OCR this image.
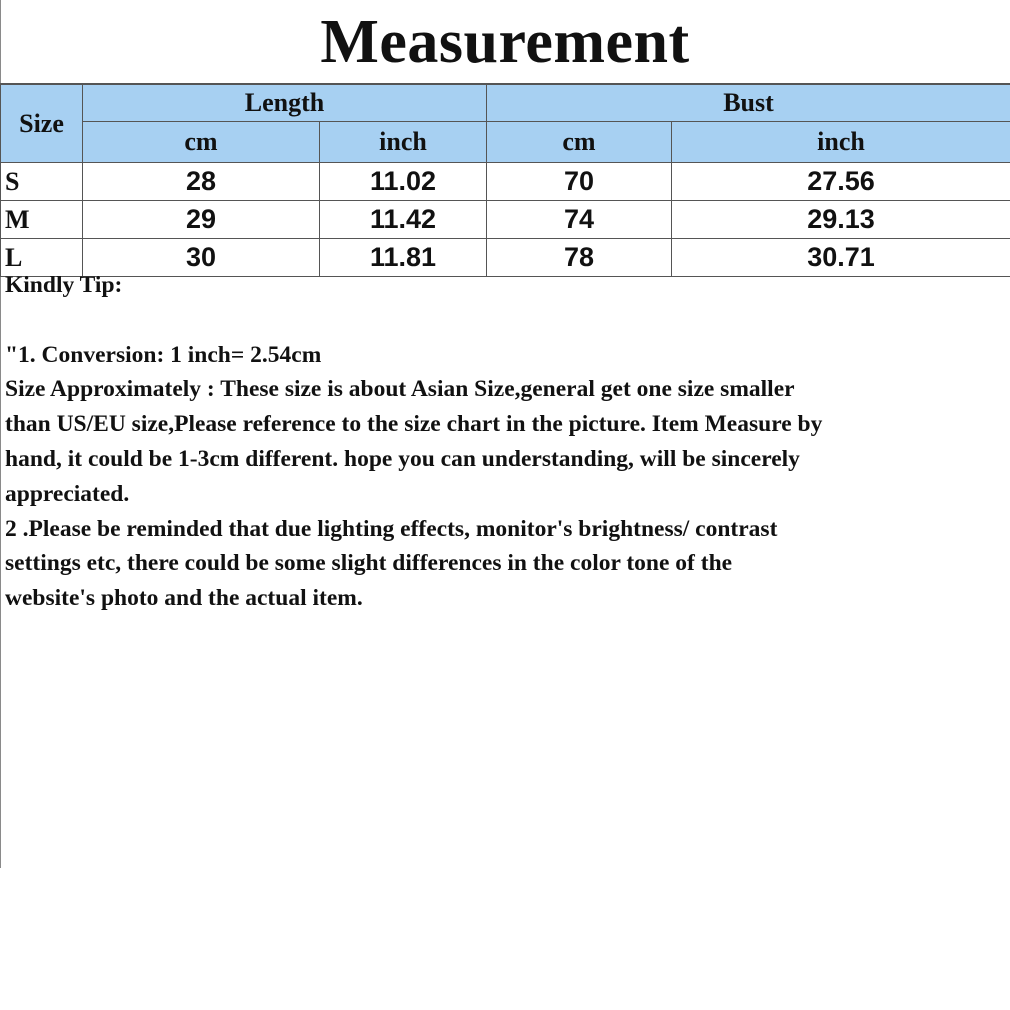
Measurement
Size	Length		Bust	
	cm	inch	cm	inch
S	28	11.02	70	27.56
M	29	11.42	74	29.13
L	30	11.81	78	30.71
Kindly Tip:
"1. Conversion: 1 inch= 2.54cm
Size Approximately : These size is about Asian Size,general get one size smaller
than US/EU size,Please reference to the size chart in the picture. Item Measure by
hand, it could be 1-3cm different. hope you can understanding, will be sincerely
appreciated.
2 .Please be reminded that due lighting effects, monitor's brightness/ contrast
settings etc, there could be some slight differences in the color tone of the
website's photo and the actual item.
